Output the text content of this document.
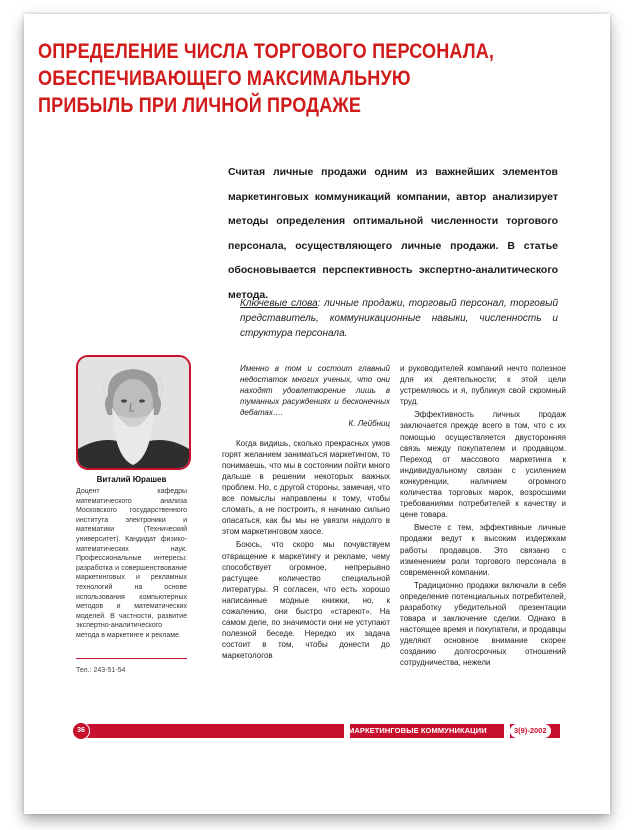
ОПРЕДЕЛЕНИЕ ЧИСЛА ТОРГОВОГО ПЕРСОНАЛА,
ОБЕСПЕЧИВАЮЩЕГО МАКСИМАЛЬНУЮ
ПРИБЫЛЬ ПРИ ЛИЧНОЙ ПРОДАЖЕ
Считая личные продажи одним из важнейших элементов маркетинговых коммуникаций компании, автор анализирует методы определения оптимальной численности торгового персонала, осуществляющего личные продажи. В статье обосновывается перспективность экспертно-аналитического метода.
Ключевые слова: личные продажи, торговый персонал, торговый представитель, коммуникационные навыки, численность и структура персонала.
Виталий Юрашев
Доцент кафедры математического анализа Московского государственного института электроники и математики (Технический университет). Кандидат физико-математических наук. Профессиональные интересы: разработка и совершенствование маркетинговых и рекламных технологий на основе использования компьютерных методов и математических моделей. В частности, развитие экспертно-аналитического метода в маркетинге и рекламе.
Тел.: 243-51-54
Именно в том и состоит главный недостаток многих ученых, что они находят удовлетворение лишь в туманных расуждениях и бесконечных дебатах….
К. Лейбниц

Когда видишь, сколько прекрасных умов горят желанием заниматься маркетингом, то понимаешь, что мы в состоянии пойти много дальше в решении некоторых важных проблем. Но, с другой стороны, замечая, что все помыслы направлены к тому, чтобы сломать, а не построить, я начинаю сильно опасаться, как бы мы не увязли надолго в этом маркетинговом хаосе.

Боюсь, что скоро мы почувствуем отвращение к маркетингу и рекламе, чему способствует огромное, непрерывно растущее количество специальной литературы. Я согласен, что есть хорошо написанные модные книжки, но, к сожалению, они быстро «стареют». На самом деле, по значимости они не уступают полезной беседе. Нередко их задача состоит в том, чтобы донести до маркетологов

и руководителей компаний нечто полезное для их деятельности; к этой цели устремляюсь и я, публикуя свой скромный труд.

Эффективность личных продаж заключается прежде всего в том, что с их помощью осуществляется двусторонняя связь между покупателем и продавцом. Переход от массового маркетинга к индивидуальному связан с усилением конкуренции, наличием огромного количества торговых марок, возросшими требованиями потребителей к качеству и цене товара.

Вместе с тем, эффективные личные продажи ведут к высоким издержкам работы продавцов. Это связано с изменением роли торгового персонала в современной компании.

Традиционно продажи включали в себя определение потенциальных потребителей, разработку убедительной презентации товара и заключение сделки. Однако в настоящее время и покупатели, и продавцы уделяют основное внимание скорее созданию долгосрочных отношений сотрудничества, нежели

36	МАРКЕТИНГОВЫЕ КОММУНИКАЦИИ	3(9)-2002
